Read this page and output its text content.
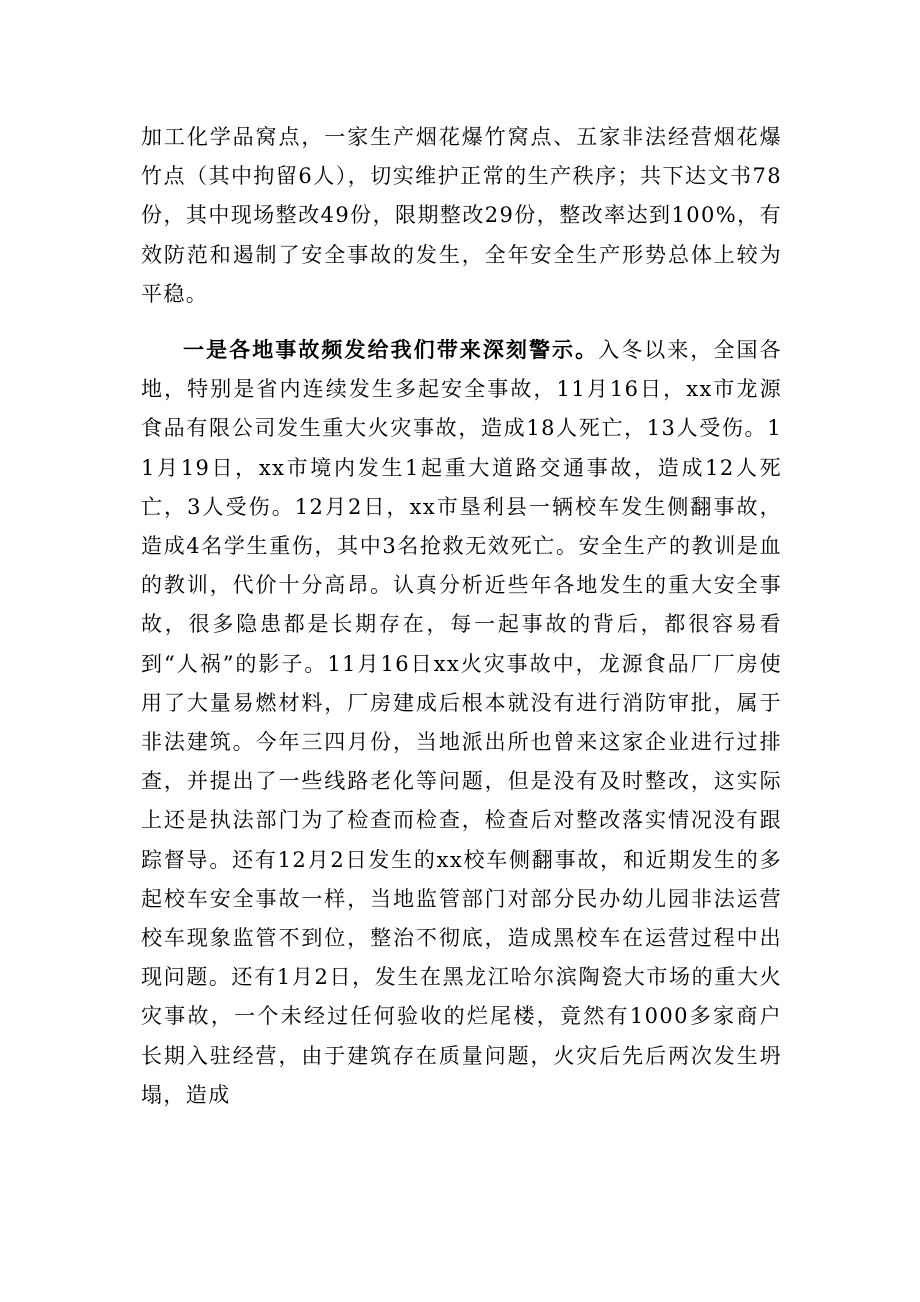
加工化学品窝点，一家生产烟花爆竹窝点、五家非法经营烟花爆竹点（其中拘留6人），切实维护正常的生产秩序；共下达文书78份，其中现场整改49份，限期整改29份，整改率达到100%，有效防范和遏制了安全事故的发生，全年安全生产形势总体上较为平稳。

一是各地事故频发给我们带来深刻警示。入冬以来，全国各地，特别是省内连续发生多起安全事故，11月16日，xx市龙源食品有限公司发生重大火灾事故，造成18人死亡，13人受伤。11月19日，xx市境内发生1起重大道路交通事故，造成12人死亡，3人受伤。12月2日，xx市垦利县一辆校车发生侧翻事故，造成4名学生重伤，其中3名抢救无效死亡。安全生产的教训是血的教训，代价十分高昂。认真分析近些年各地发生的重大安全事故，很多隐患都是长期存在，每一起事故的背后，都很容易看到“人祸”的影子。11月16日xx火灾事故中，龙源食品厂厂房使用了大量易燃材料，厂房建成后根本就没有进行消防审批，属于非法建筑。今年三四月份，当地派出所也曾来这家企业进行过排查，并提出了一些线路老化等问题，但是没有及时整改，这实际上还是执法部门为了检查而检查，检查后对整改落实情况没有跟踪督导。还有12月2日发生的xx校车侧翻事故，和近期发生的多起校车安全事故一样，当地监管部门对部分民办幼儿园非法运营校车现象监管不到位，整治不彻底，造成黑校车在运营过程中出现问题。还有1月2日，发生在黑龙江哈尔滨陶瓷大市场的重大火灾事故，一个未经过任何验收的烂尾楼，竟然有1000多家商户长期入驻经营，由于建筑存在质量问题，火灾后先后两次发生坍塌，造成
